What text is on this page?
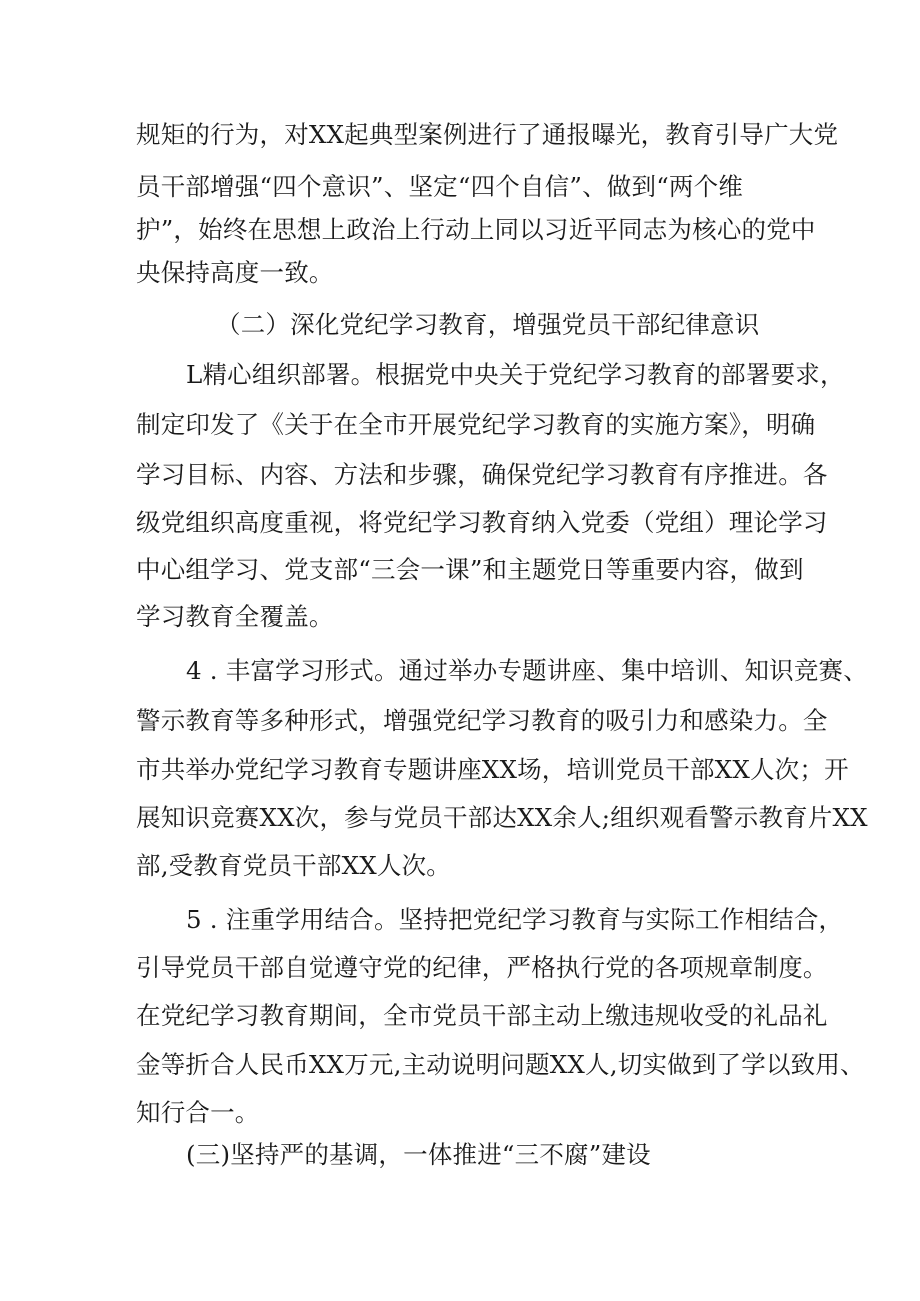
规矩的行为，对XX起典型案例进行了通报曝光，教育引导广大党
员干部增强“四个意识”、坚定“四个自信”、做到“两个维
护”，始终在思想上政治上行动上同以习近平同志为核心的党中
央保持高度一致。
（二）深化党纪学习教育，增强党员干部纪律意识
L精心组织部署。根据党中央关于党纪学习教育的部署要求，
制定印发了《关于在全市开展党纪学习教育的实施方案》，明确
学习目标、内容、方法和步骤，确保党纪学习教育有序推进。各
级党组织高度重视，将党纪学习教育纳入党委（党组）理论学习
中心组学习、党支部“三会一课”和主题党日等重要内容，做到
学习教育全覆盖。
4 . 丰富学习形式。通过举办专题讲座、集中培训、知识竞赛、
警示教育等多种形式，增强党纪学习教育的吸引力和感染力。全
市共举办党纪学习教育专题讲座XX场，培训党员干部XX人次；开
展知识竞赛XX次，参与党员干部达XX余人;组织观看警示教育片XX
部,受教育党员干部XX人次。
5 . 注重学用结合。坚持把党纪学习教育与实际工作相结合，
引导党员干部自觉遵守党的纪律，严格执行党的各项规章制度。
在党纪学习教育期间，全市党员干部主动上缴违规收受的礼品礼
金等折合人民币XX万元,主动说明问题XX人,切实做到了学以致用、
知行合一。
(三)坚持严的基调，一体推进“三不腐”建设
